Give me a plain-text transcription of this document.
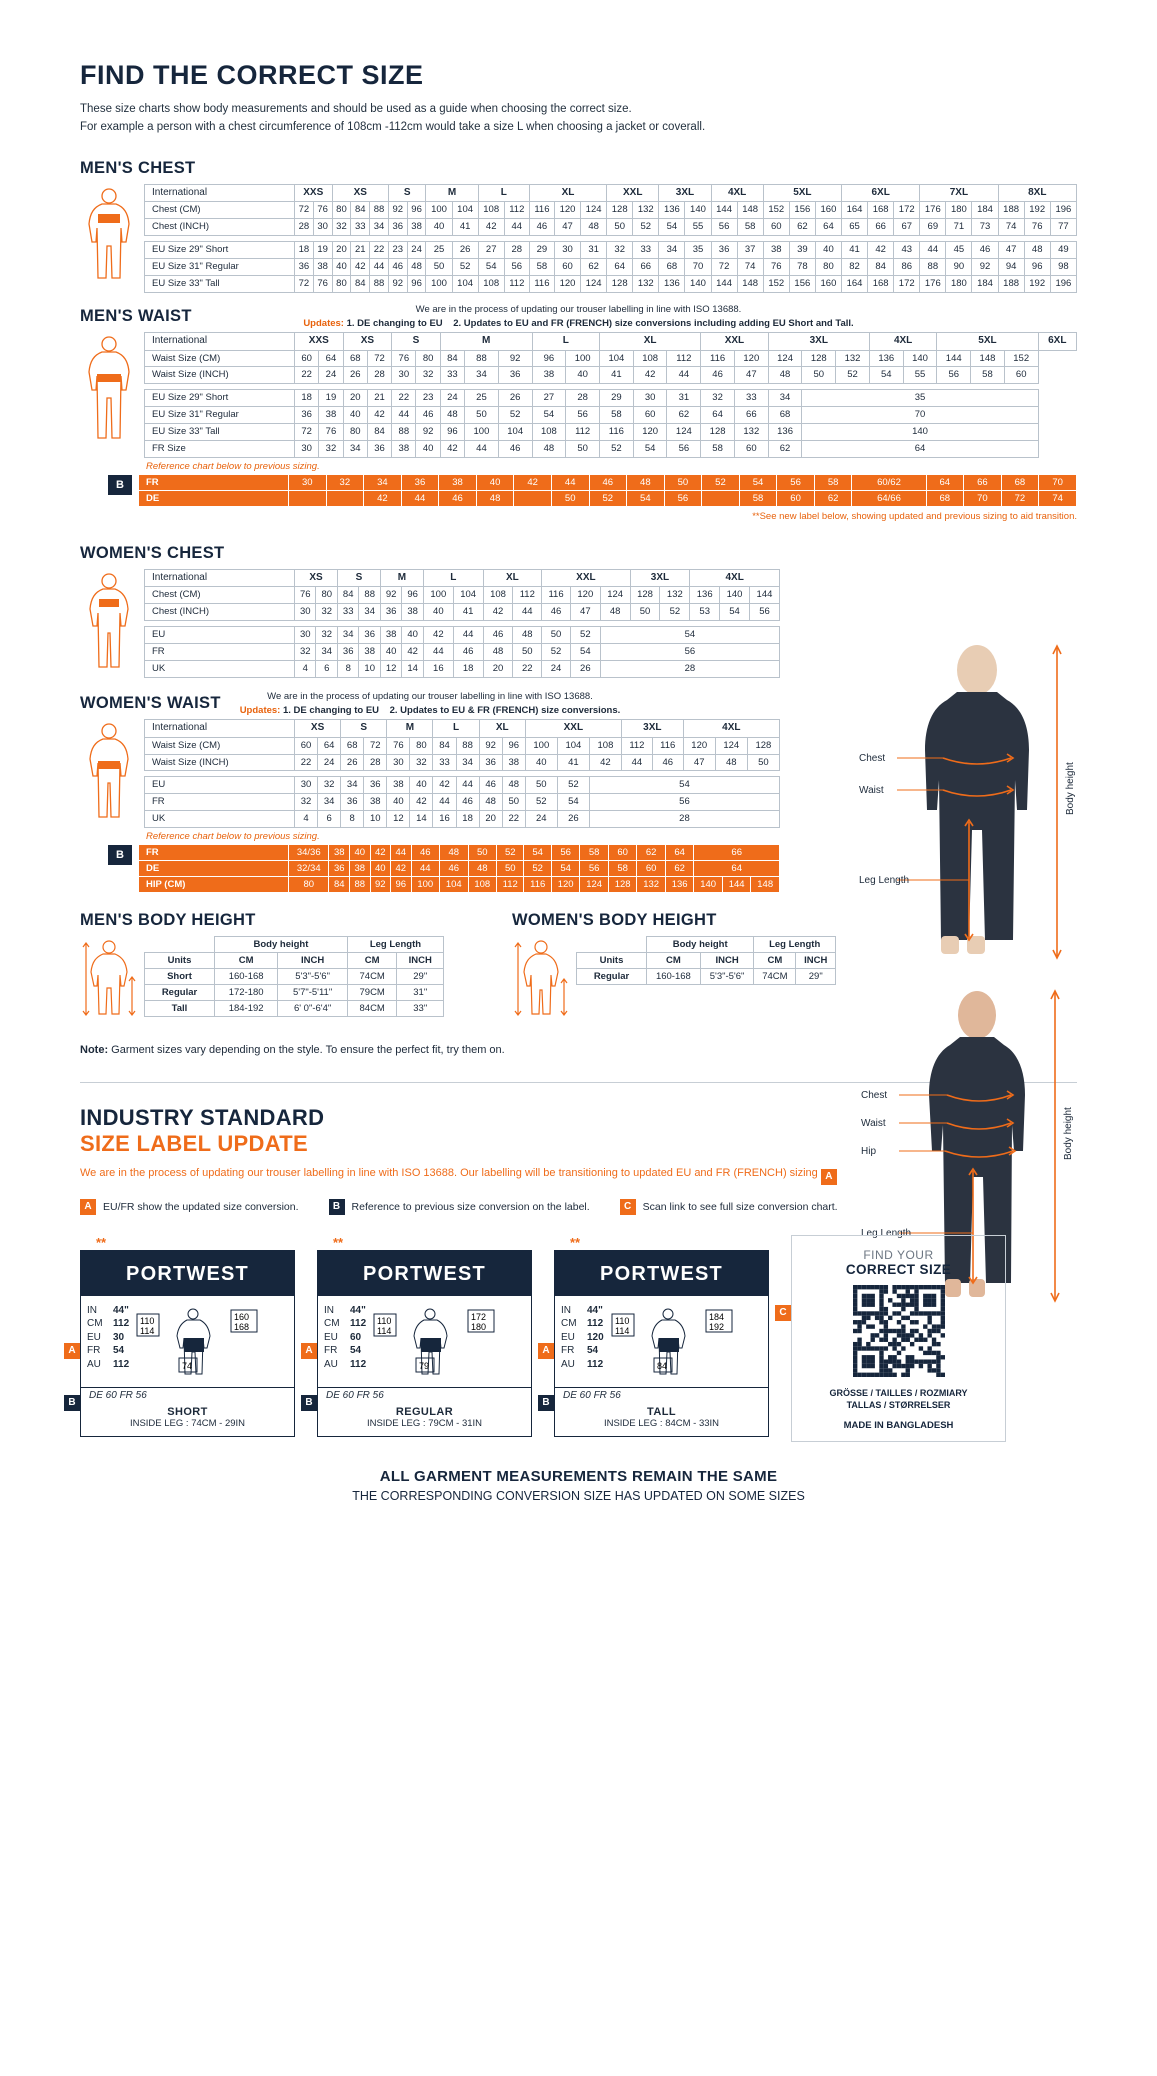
FIND THE CORRECT SIZE
These size charts show body measurements and should be used as a guide when choosing the correct size.
For example a person with a chest circumference of 108cm -112cm would take a size L when choosing a jacket or coverall.
MEN'S CHEST
International	XXS		XS			S		M		L		XL			XXL		3XL		4XL		5XL			6XL			7XL			8XL		
Chest (CM)	72	76	80	84	88	92	96	100	104	108	112	116	120	124	128	132	136	140	144	148	152	156	160	164	168	172	176	180	184	188	192	196
Chest (INCH)	28	30	32	33	34	36	38	40	41	42	44	46	47	48	50	52	54	55	56	58	60	62	64	65	66	67	69	71	73	74	76	77

EU Size 29" Short	18	19	20	21	22	23	24	25	26	27	28	29	30	31	32	33	34	35	36	37	38	39	40	41	42	43	44	45	46	47	48	49
EU Size 31" Regular	36	38	40	42	44	46	48	50	52	54	56	58	60	62	64	66	68	70	72	74	76	78	80	82	84	86	88	90	92	94	96	98
EU Size 33" Tall	72	76	80	84	88	92	96	100	104	108	112	116	120	124	128	132	136	140	144	148	152	156	160	164	168	172	176	180	184	188	192	196
We are in the process of updating our trouser labelling in line with ISO 13688.
Updates: 1. DE changing to EU 2. Updates to EU and FR (FRENCH) size conversions including adding EU Short and Tall.
MEN'S WAIST
International	XXS		XS		S		M			L		XL			XXL		3XL			4XL		5XL			6XL
Waist Size (CM)	60	64	68	72	76	80	84	88	92	96	100	104	108	112	116	120	124	128	132	136	140	144	148	152	
Waist Size (INCH)	22	24	26	28	30	32	33	34	36	38	40	41	42	44	46	47	48	50	52	54	55	56	58	60	

EU Size 29" Short	18	19	20	21	22	23	24	25	26	27	28	29	30	31	32	33	34	35							
EU Size 31" Regular	36	38	40	42	44	46	48	50	52	54	56	58	60	62	64	66	68	70							
EU Size 33" Tall	72	76	80	84	88	92	96	100	104	108	112	116	120	124	128	132	136	140							
FR Size	30	32	34	36	38	40	42	44	46	48	50	52	54	56	58	60	62	64							
Reference chart below to previous sizing.
B	FR	30	32	34	36	38	40	42	44	46	48	50	52	54	56	58	60/62	64	66	68	70
DE			42	44	46	48		50	52	54	56		58	60	62	64/66	68	70	72	74
**See new label below, showing updated and previous sizing to aid transition.
WOMEN'S CHEST
International	XS		S		M		L		XL		XXL			3XL		4XL		
Chest (CM)	76	80	84	88	92	96	100	104	108	112	116	120	124	128	132	136	140	144
Chest (INCH)	30	32	33	34	36	38	40	41	42	44	46	47	48	50	52	53	54	56

EU	30	32	34	36	38	40	42	44	46	48	50	52	54					
FR	32	34	36	38	40	42	44	46	48	50	52	54	56					
UK	4	6	8	10	12	14	16	18	20	22	24	26	28					
We are in the process of updating our trouser labelling in line with ISO 13688.
Updates: 1. DE changing to EU 2. Updates to EU & FR (FRENCH) size conversions.
WOMEN'S WAIST
International	XS		S		M		L		XL		XXL			3XL		4XL		
Waist Size (CM)	60	64	68	72	76	80	84	88	92	96	100	104	108	112	116	120	124	128
Waist Size (INCH)	22	24	26	28	30	32	33	34	36	38	40	41	42	44	46	47	48	50

EU	30	32	34	36	38	40	42	44	46	48	50	52	54					
FR	32	34	36	38	40	42	44	46	48	50	52	54	56					
UK	4	6	8	10	12	14	16	18	20	22	24	26	28					
Reference chart below to previous sizing.
B	FR	34/36	38	40	42	44	46	48	50	52	54	56	58	60	62	64	66		
DE	32/34	36	38	40	42	44	46	48	50	52	54	56	58	60	62	64		
HIP (CM)	80	84	88	92	96	100	104	108	112	116	120	124	128	132	136	140	144	148
MEN'S BODY HEIGHT
	Body height		Leg Length	
Units	CM	INCH	CM	INCH
Short	160-168	5'3"-5'6"	74CM	29"
Regular	172-180	5'7"-5'11"	79CM	31"
Tall	184-192	6' 0"-6'4"	84CM	33"
WOMEN'S BODY HEIGHT
	Body height		Leg Length	
Units	CM	INCH	CM	INCH
Regular	160-168	5'3"-5'6"	74CM	29"
Chest
Waist
Leg Length
Body height
Chest
Waist
Hip
Leg Length
Body height
Note: Garment sizes vary depending on the style. To ensure the perfect fit, try them on.
INDUSTRY STANDARD
SIZE LABEL UPDATE
We are in the process of updating our trouser labelling in line with ISO 13688. Our labelling will be transitioning to updated EU and FR (FRENCH) sizing A
A	EU/FR show the updated size conversion.	B	Reference to previous size conversion on the label.	C	Scan link to see full size conversion chart.
**
PORTWEST
IN	44"
CM	112
EU	30
FR	54
AU	112
110
114
160
168
74
DE 60 FR 56
SHORT
INSIDE LEG : 74CM - 29IN
A
B
**
PORTWEST
IN	44"
CM	112
EU	60
FR	54
AU	112
110
114
172
180
79
DE 60 FR 56
REGULAR
INSIDE LEG : 79CM - 31IN
A
B
**
PORTWEST
IN	44"
CM	112
EU	120
FR	54
AU	112
110
114
184
192
84
DE 60 FR 56
TALL
INSIDE LEG : 84CM - 33IN
A
B
C
FIND YOUR
CORRECT SIZE
GRÖSSE / TAILLES / ROZMIARY
TALLAS / STØRRELSER
MADE IN BANGLADESH
ALL GARMENT MEASUREMENTS REMAIN THE SAME
THE CORRESPONDING CONVERSION SIZE HAS UPDATED ON SOME SIZES
